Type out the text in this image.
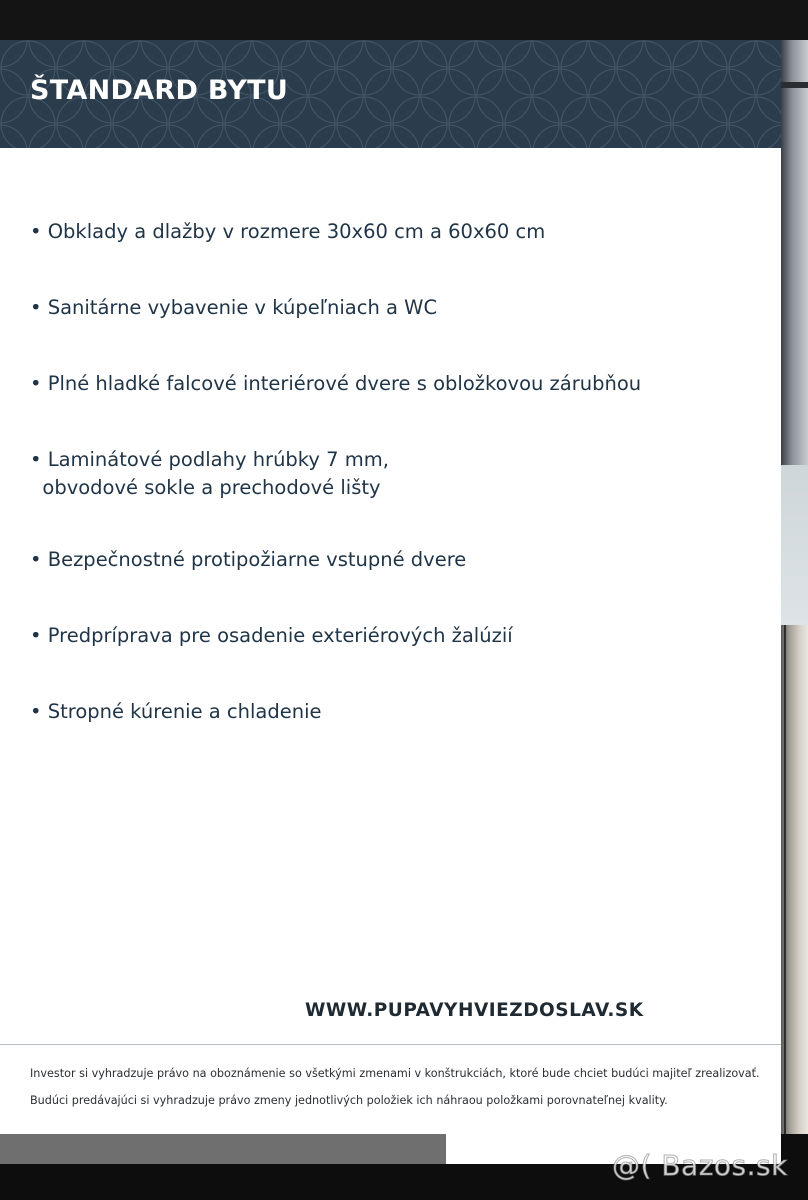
ŠTANDARD BYTU
• Obklady a dlažby v rozmere 30x60 cm a 60x60 cm
• Sanitárne vybavenie v kúpeľniach a WC
• Plné hladké falcové interiérové dvere s obložkovou zárubňou
• Laminátové podlahy hrúbky 7 mm,
obvodové sokle a prechodové lišty
• Bezpečnostné protipožiarne vstupné dvere
• Predpríprava pre osadenie exteriérových žalúzií
• Stropné kúrenie a chladenie
WWW.PUPAVYHVIEZDOSLAV.SK

Investor si vyhradzuje právo na oboznámenie so všetkými zmenami v konštrukciách, ktoré bude chciet budúci majiteľ zrealizovať.

Budúci predávajúci si vyhradzuje právo zmeny jednotlivých položiek ich náhraou položkami porovnateľnej kvality.

@( Bazos.sk
